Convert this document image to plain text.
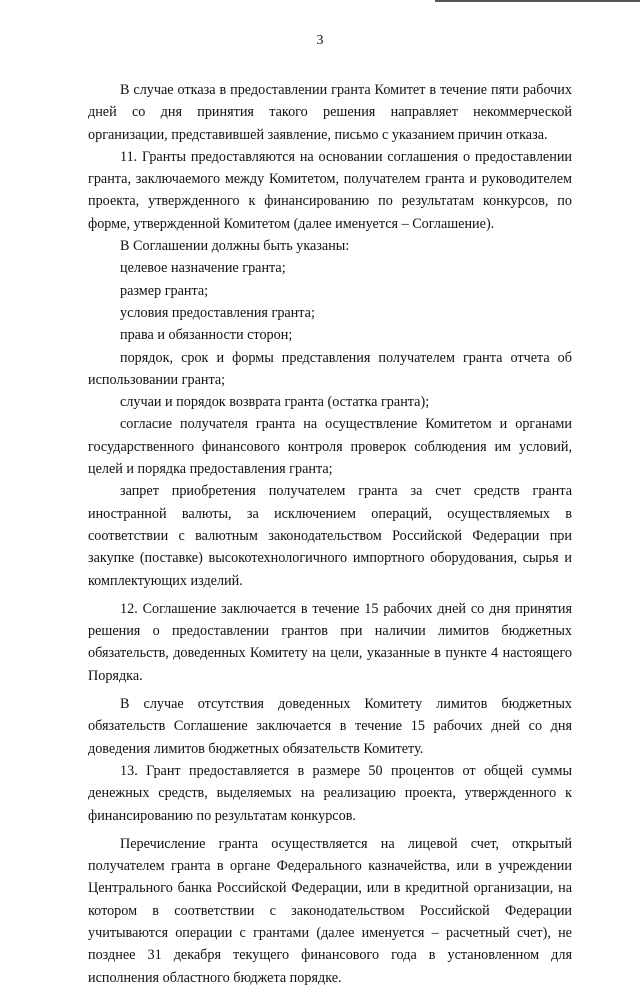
3

В случае отказа в предоставлении гранта Комитет в течение пяти рабочих дней со дня принятия такого решения направляет некоммерческой организации, представившей заявление, письмо с указанием причин отказа.

11. Гранты предоставляются на основании соглашения о предоставлении гранта, заключаемого между Комитетом, получателем гранта и руководителем проекта, утвержденного к финансированию по результатам конкурсов, по форме, утвержденной Комитетом (далее именуется – Соглашение).

В Соглашении должны быть указаны:

целевое назначение гранта;

размер гранта;

условия предоставления гранта;

права и обязанности сторон;

порядок, срок и формы представления получателем гранта отчета об использовании гранта;

случаи и порядок возврата гранта (остатка гранта);

согласие получателя гранта на осуществление Комитетом и органами государственного финансового контроля проверок соблюдения им условий, целей и порядка предоставления гранта;

запрет приобретения получателем гранта за счет средств гранта иностранной валюты, за исключением операций, осуществляемых в соответствии с валютным законодательством Российской Федерации при закупке (поставке) высокотехнологичного импортного оборудования, сырья и комплектующих изделий.

12. Соглашение заключается в течение 15 рабочих дней со дня принятия решения о предоставлении грантов при наличии лимитов бюджетных обязательств, доведенных Комитету на цели, указанные в пункте 4 настоящего Порядка.

В случае отсутствия доведенных Комитету лимитов бюджетных обязательств Соглашение заключается в течение 15 рабочих дней со дня доведения лимитов бюджетных обязательств Комитету.

13. Грант предоставляется в размере 50 процентов от общей суммы денежных средств, выделяемых на реализацию проекта, утвержденного к финансированию по результатам конкурсов.

Перечисление гранта осуществляется на лицевой счет, открытый получателем гранта в органе Федерального казначейства, или в учреждении Центрального банка Российской Федерации, или в кредитной организации, на котором в соответствии с законодательством Российской Федерации учитываются операции с грантами (далее именуется – расчетный счет), не позднее 31 декабря текущего финансового года в установленном для исполнения областного бюджета порядке.
